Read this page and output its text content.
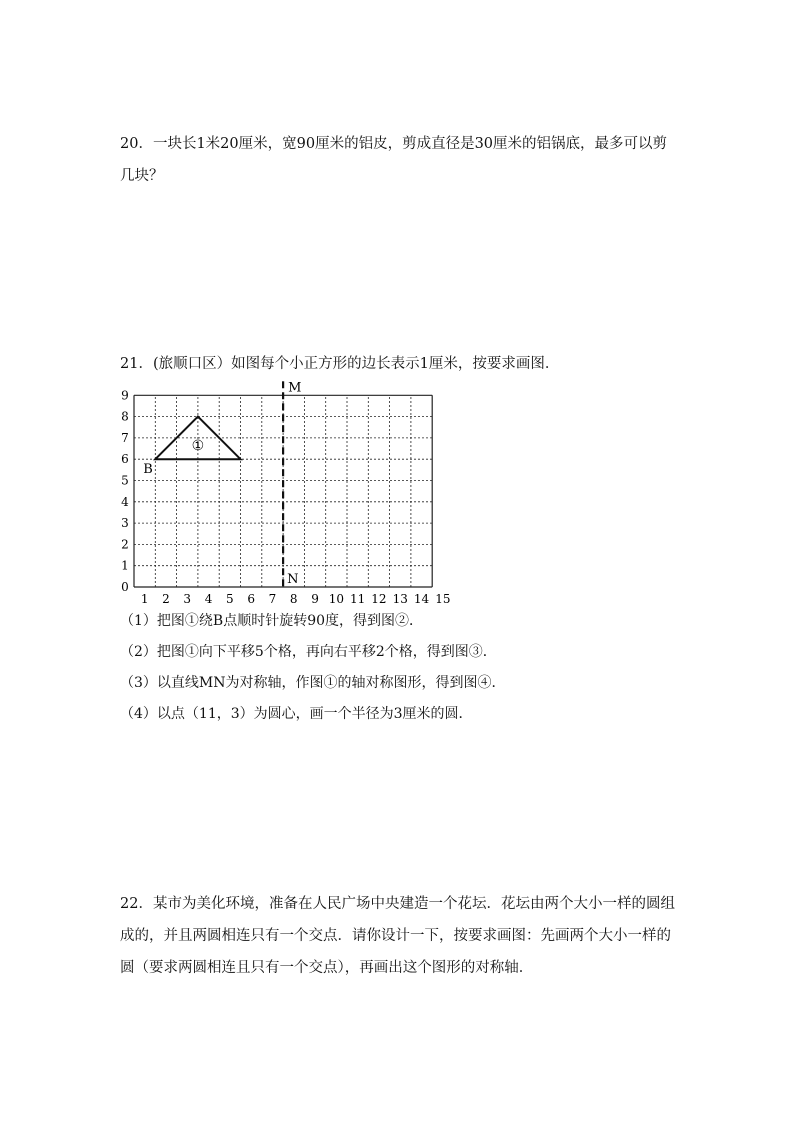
20．一块长1米20厘米，宽90厘米的铝皮，剪成直径是30厘米的铝锅底，最多可以剪几块？

21．(旅顺口区）如图每个小正方形的边长表示1厘米，按要求画图．

1 2 3 4 5 6 7 8 9 10 11 12 13 14 15
0
1
2
3
4
5
6
7
8
9	M
N
B
①
（1）把图①绕B点顺时针旋转90度，得到图②．
（2）把图①向下平移5个格，再向右平移2个格，得到图③．
（3）以直线MN为对称轴，作图①的轴对称图形，得到图④．
（4）以点（11，3）为圆心，画一个半径为3厘米的圆．

22．某市为美化环境，准备在人民广场中央建造一个花坛．花坛由两个大小一样的圆组成的，并且两圆相连只有一个交点．请你设计一下，按要求画图：先画两个大小一样的圆（要求两圆相连且只有一个交点），再画出这个图形的对称轴．
